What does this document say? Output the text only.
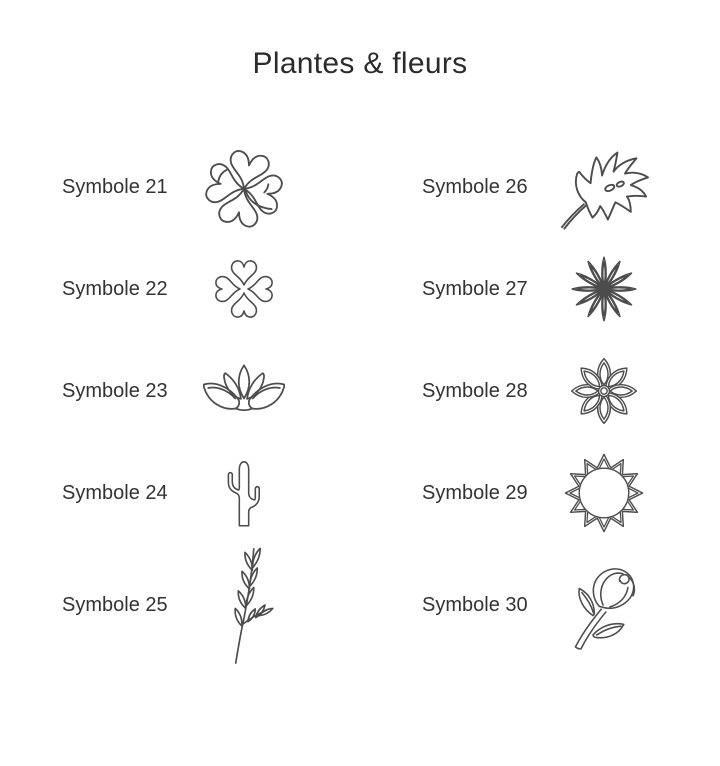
Plantes & fleurs
Symbole 21
Symbole 22
Symbole 23
Symbole 24
Symbole 25
Symbole 26
Symbole 27
Symbole 28
Symbole 29
Symbole 30
